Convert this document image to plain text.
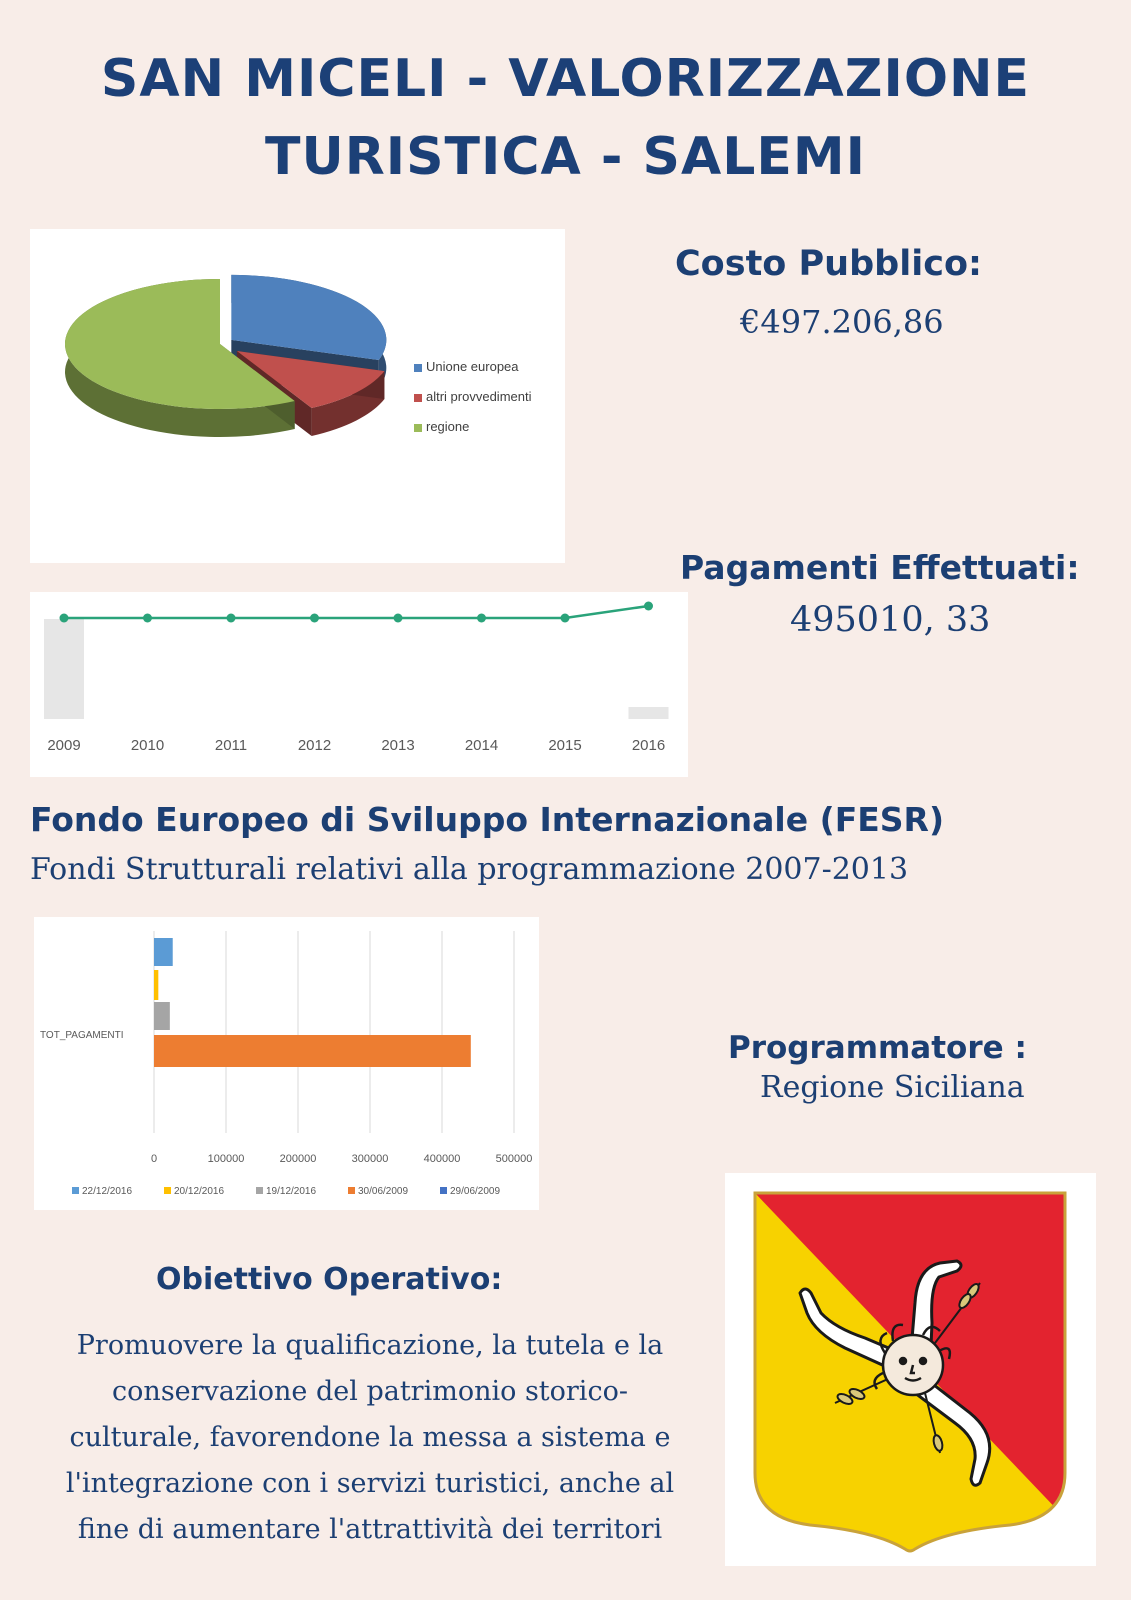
SAN MICELI - VALORIZZAZIONE
TURISTICA - SALEMI
Unione europea
altri provvedimenti
regione
2009	2010	2011	2012	2013	2014	2015	2016
Costo Pubblico:
€497.206,86
Pagamenti Effettuati:
495010, 33
Fondo Europeo di Sviluppo Internazionale (FESR)
Fondi Strutturali relativi alla programmazione 2007-2013
TOT_PAGAMENTI
0	100000	200000	300000	400000	500000
22/12/2016	20/12/2016	19/12/2016	30/06/2009	29/06/2009
Programmatore :
Regione Siciliana
Obiettivo Operativo:
Promuovere la qualificazione, la tutela e la
conservazione del patrimonio storico-
culturale, favorendone la messa a sistema e
l'integrazione con i servizi turistici, anche al
fine di aumentare l'attrattività dei territori
